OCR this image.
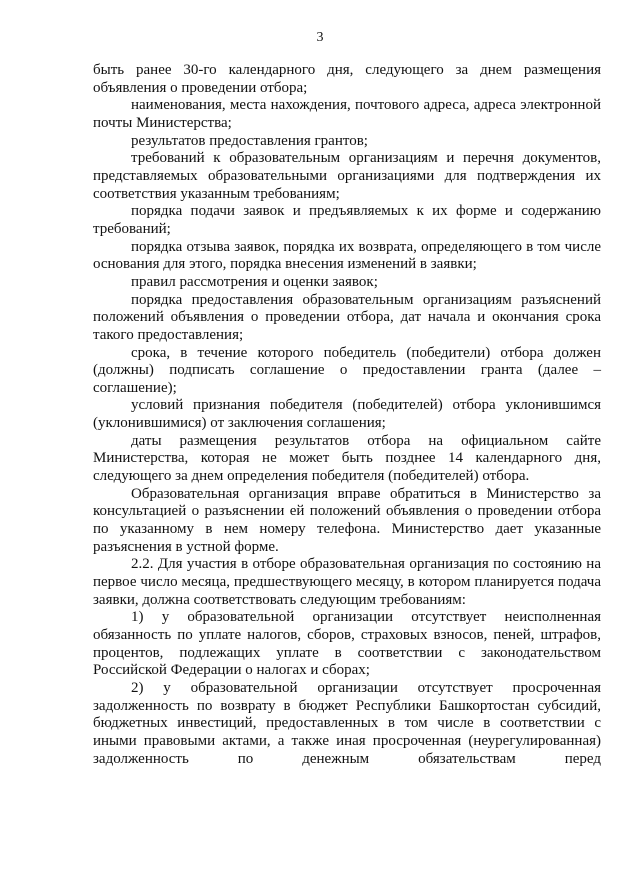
3

быть ранее 30-го календарного дня, следующего за днем размещения объявления о проведении отбора;

наименования, места нахождения, почтового адреса, адреса электронной почты Министерства;

результатов предоставления грантов;

требований к образовательным организациям и перечня документов, представляемых образовательными организациями для подтверждения их соответствия указанным требованиям;

порядка подачи заявок и предъявляемых к их форме и содержанию требований;

порядка отзыва заявок, порядка их возврата, определяющего в том числе основания для этого, порядка внесения изменений в заявки;

правил рассмотрения и оценки заявок;

порядка предоставления образовательным организациям разъяснений положений объявления о проведении отбора, дат начала и окончания срока такого предоставления;

срока, в течение которого победитель (победители) отбора должен (должны) подписать соглашение о предоставлении гранта (далее – соглашение);

условий признания победителя (победителей) отбора уклонившимся (уклонившимися) от заключения соглашения;

даты размещения результатов отбора на официальном сайте Министерства, которая не может быть позднее 14 календарного дня, следующего за днем определения победителя (победителей) отбора.

Образовательная организация вправе обратиться в Министерство за консультацией о разъяснении ей положений объявления о проведении отбора по указанному в нем номеру телефона. Министерство дает указанные разъяснения в устной форме.

2.2. Для участия в отборе образовательная организация по состоянию на первое число месяца, предшествующего месяцу, в котором планируется подача заявки, должна соответствовать следующим требованиям:

1) у образовательной организации отсутствует неисполненная обязанность по уплате налогов, сборов, страховых взносов, пеней, штрафов, процентов, подлежащих уплате в соответствии с законодательством Российской Федерации о налогах и сборах;

2) у образовательной организации отсутствует просроченная задолженность по возврату в бюджет Республики Башкортостан субсидий, бюджетных инвестиций, предоставленных в том числе в соответствии с иными правовыми актами, а также иная просроченная (неурегулированная) задолженность по денежным обязательствам перед
